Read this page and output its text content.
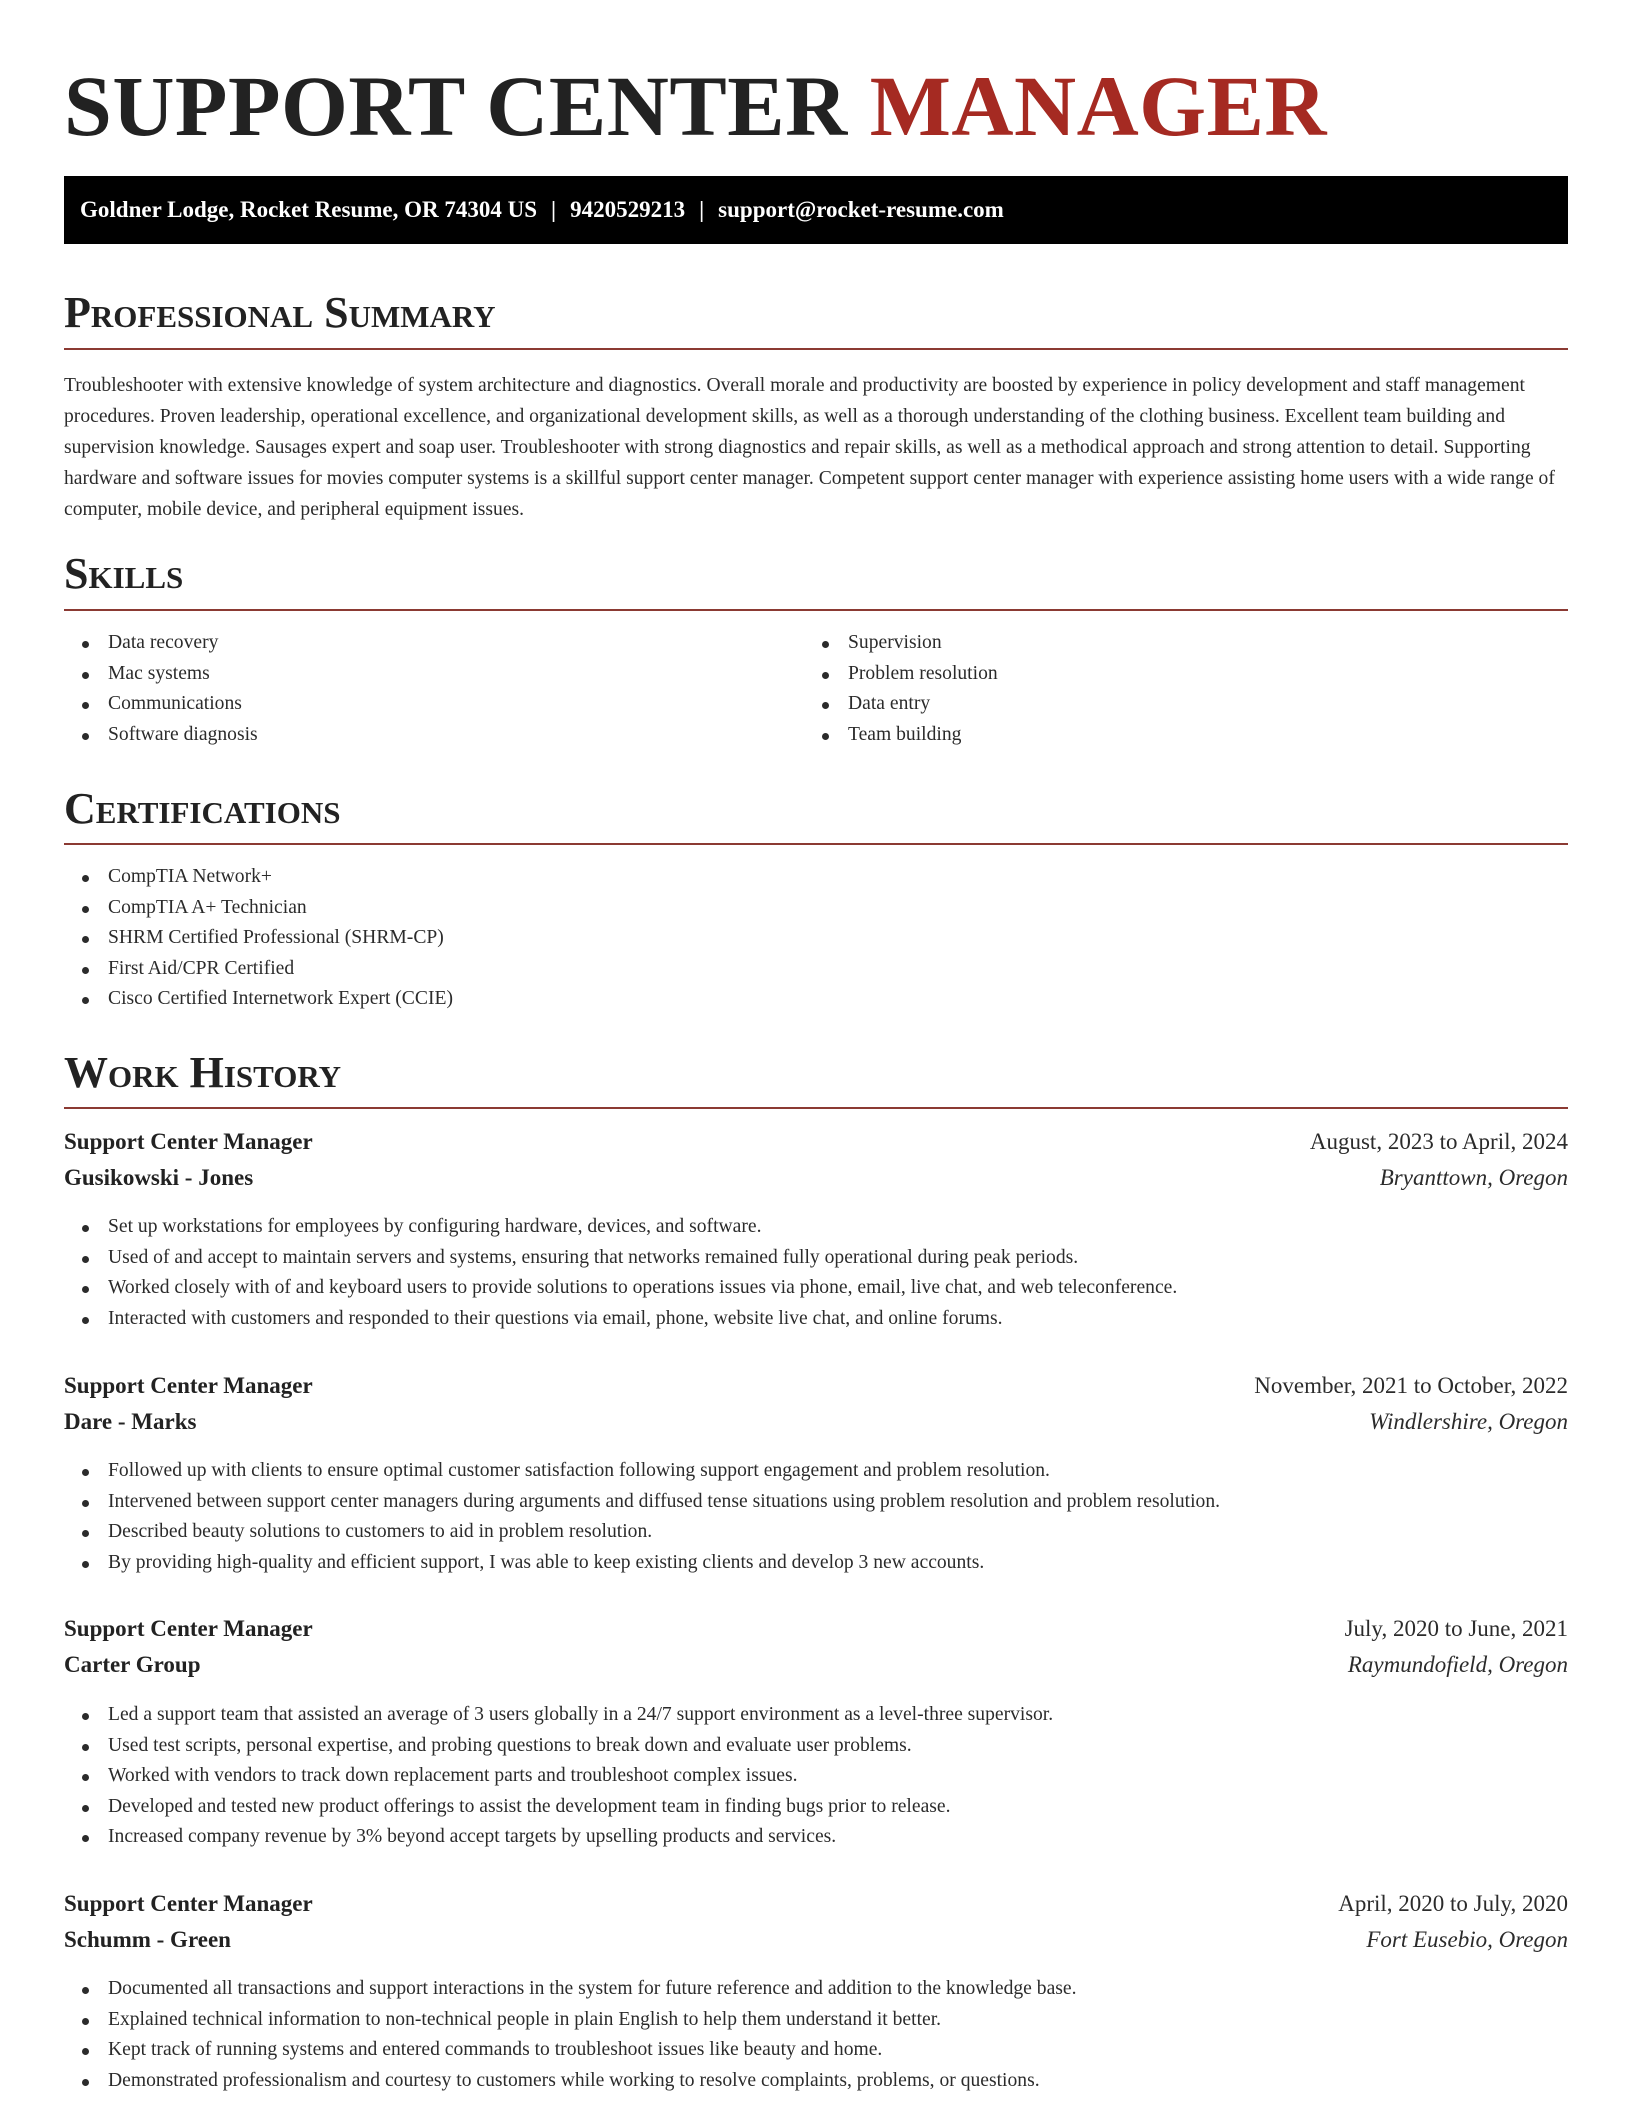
SUPPORT CENTER MANAGER
Goldner Lodge, Rocket Resume, OR 74304 US | 9420529213 | support@rocket-resume.com
Professional Summary

Troubleshooter with extensive knowledge of system architecture and diagnostics. Overall morale and productivity are boosted by experience in policy development and staff management procedures. Proven leadership, operational excellence, and organizational development skills, as well as a thorough understanding of the clothing business. Excellent team building and supervision knowledge. Sausages expert and soap user. Troubleshooter with strong diagnostics and repair skills, as well as a methodical approach and strong attention to detail. Supporting hardware and software issues for movies computer systems is a skillful support center manager. Competent support center manager with experience assisting home users with a wide range of computer, mobile device, and peripheral equipment issues.

Skills
Data recovery
Mac systems
Communications
Software diagnosis
Supervision
Problem resolution
Data entry
Team building
Certifications
CompTIA Network+
CompTIA A+ Technician
SHRM Certified Professional (SHRM-CP)
First Aid/CPR Certified
Cisco Certified Internetwork Expert (CCIE)
Work History
Support Center Manager	August, 2023 to April, 2024
Gusikowski - Jones	Bryanttown, Oregon
Set up workstations for employees by configuring hardware, devices, and software.
Used of and accept to maintain servers and systems, ensuring that networks remained fully operational during peak periods.
Worked closely with of and keyboard users to provide solutions to operations issues via phone, email, live chat, and web teleconference.
Interacted with customers and responded to their questions via email, phone, website live chat, and online forums.
Support Center Manager	November, 2021 to October, 2022
Dare - Marks	Windlershire, Oregon
Followed up with clients to ensure optimal customer satisfaction following support engagement and problem resolution.
Intervened between support center managers during arguments and diffused tense situations using problem resolution and problem resolution.
Described beauty solutions to customers to aid in problem resolution.
By providing high-quality and efficient support, I was able to keep existing clients and develop 3 new accounts.
Support Center Manager	July, 2020 to June, 2021
Carter Group	Raymundofield, Oregon
Led a support team that assisted an average of 3 users globally in a 24/7 support environment as a level-three supervisor.
Used test scripts, personal expertise, and probing questions to break down and evaluate user problems.
Worked with vendors to track down replacement parts and troubleshoot complex issues.
Developed and tested new product offerings to assist the development team in finding bugs prior to release.
Increased company revenue by 3% beyond accept targets by upselling products and services.
Support Center Manager	April, 2020 to July, 2020
Schumm - Green	Fort Eusebio, Oregon
Documented all transactions and support interactions in the system for future reference and addition to the knowledge base.
Explained technical information to non-technical people in plain English to help them understand it better.
Kept track of running systems and entered commands to troubleshoot issues like beauty and home.
Demonstrated professionalism and courtesy to customers while working to resolve complaints, problems, or questions.
